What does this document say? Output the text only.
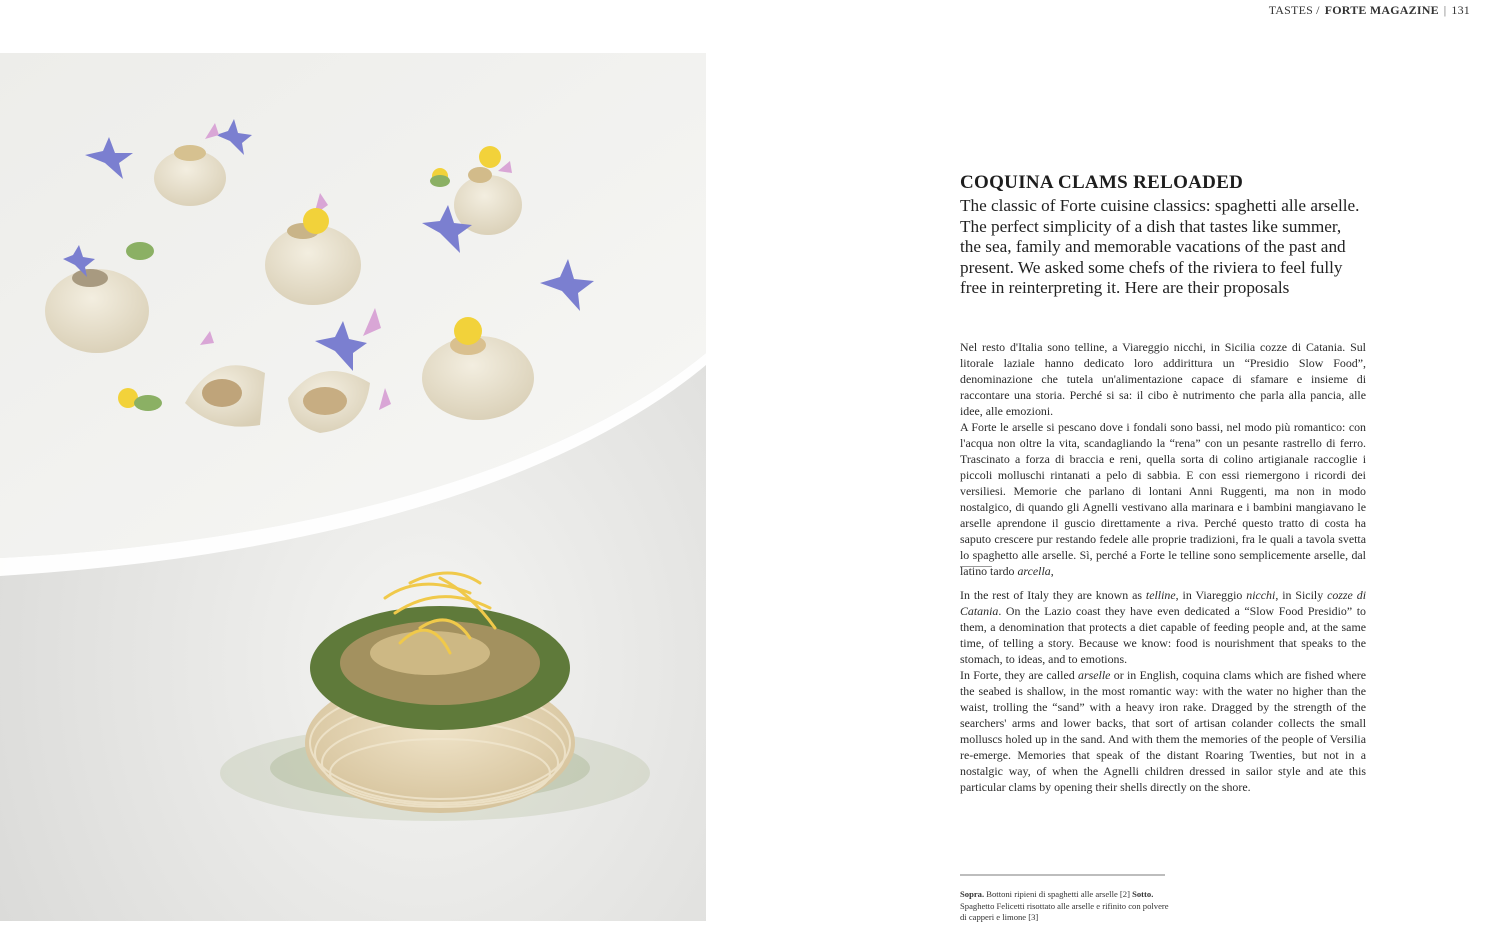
TASTES / FORTE MAGAZINE | 131
COQUINA CLAMS RELOADED

The classic of Forte cuisine classics: spaghetti alle arselle. The perfect simplicity of a dish that tastes like summer, the sea, family and memorable vacations of the past and present. We asked some chefs of the riviera to feel fully free in reinterpreting it. Here are their proposals

Nel resto d'Italia sono telline, a Viareggio nicchi, in Sicilia cozze di Catania. Sul litorale laziale hanno dedicato loro addirittura un “Presidio Slow Food”, denominazione che tutela un'alimentazione capace di sfamare e insieme di raccontare una storia. Perché si sa: il cibo è nutrimento che parla alla pancia, alle idee, alle emozioni.

A Forte le arselle si pescano dove i fondali sono bassi, nel modo più romantico: con l'acqua non oltre la vita, scandagliando la “rena” con un pesante rastrello di ferro. Trascinato a forza di braccia e reni, quella sorta di colino artigianale raccoglie i piccoli molluschi rintanati a pelo di sabbia. E con essi riemergono i ricordi dei versiliesi. Memorie che parlano di lontani Anni Ruggenti, ma non in modo nostalgico, di quando gli Agnelli vestivano alla marinara e i bambini mangiavano le arselle aprendone il guscio direttamente a riva. Perché questo tratto di costa ha saputo crescere pur restando fedele alle proprie tradizioni, fra le quali a tavola svetta lo spaghetto alle arselle. Sì, perché a Forte le telline sono semplicemente arselle, dal latino tardo arcella,

In the rest of Italy they are known as telline, in Viareggio nicchi, in Sicily cozze di Catania. On the Lazio coast they have even dedicated a “Slow Food Presidio” to them, a denomination that protects a diet capable of feeding people and, at the same time, of telling a story. Because we know: food is nourishment that speaks to the stomach, to ideas, and to emotions.

In Forte, they are called arselle or in English, coquina clams which are fished where the seabed is shallow, in the most romantic way: with the water no higher than the waist, trolling the “sand” with a heavy iron rake. Dragged by the strength of the searchers' arms and lower backs, that sort of artisan colander collects the small molluscs holed up in the sand. And with them the memories of the people of Versilia re-emerge. Memories that speak of the distant Roaring Twenties, but not in a nostalgic way, of when the Agnelli children dressed in sailor style and ate this particular clams by opening their shells directly on the shore.

Sopra. Bottoni ripieni di spaghetti alle arselle [2] Sotto. Spaghetto Felicetti risottato alle arselle e rifinito con polvere di capperi e limone [3]
